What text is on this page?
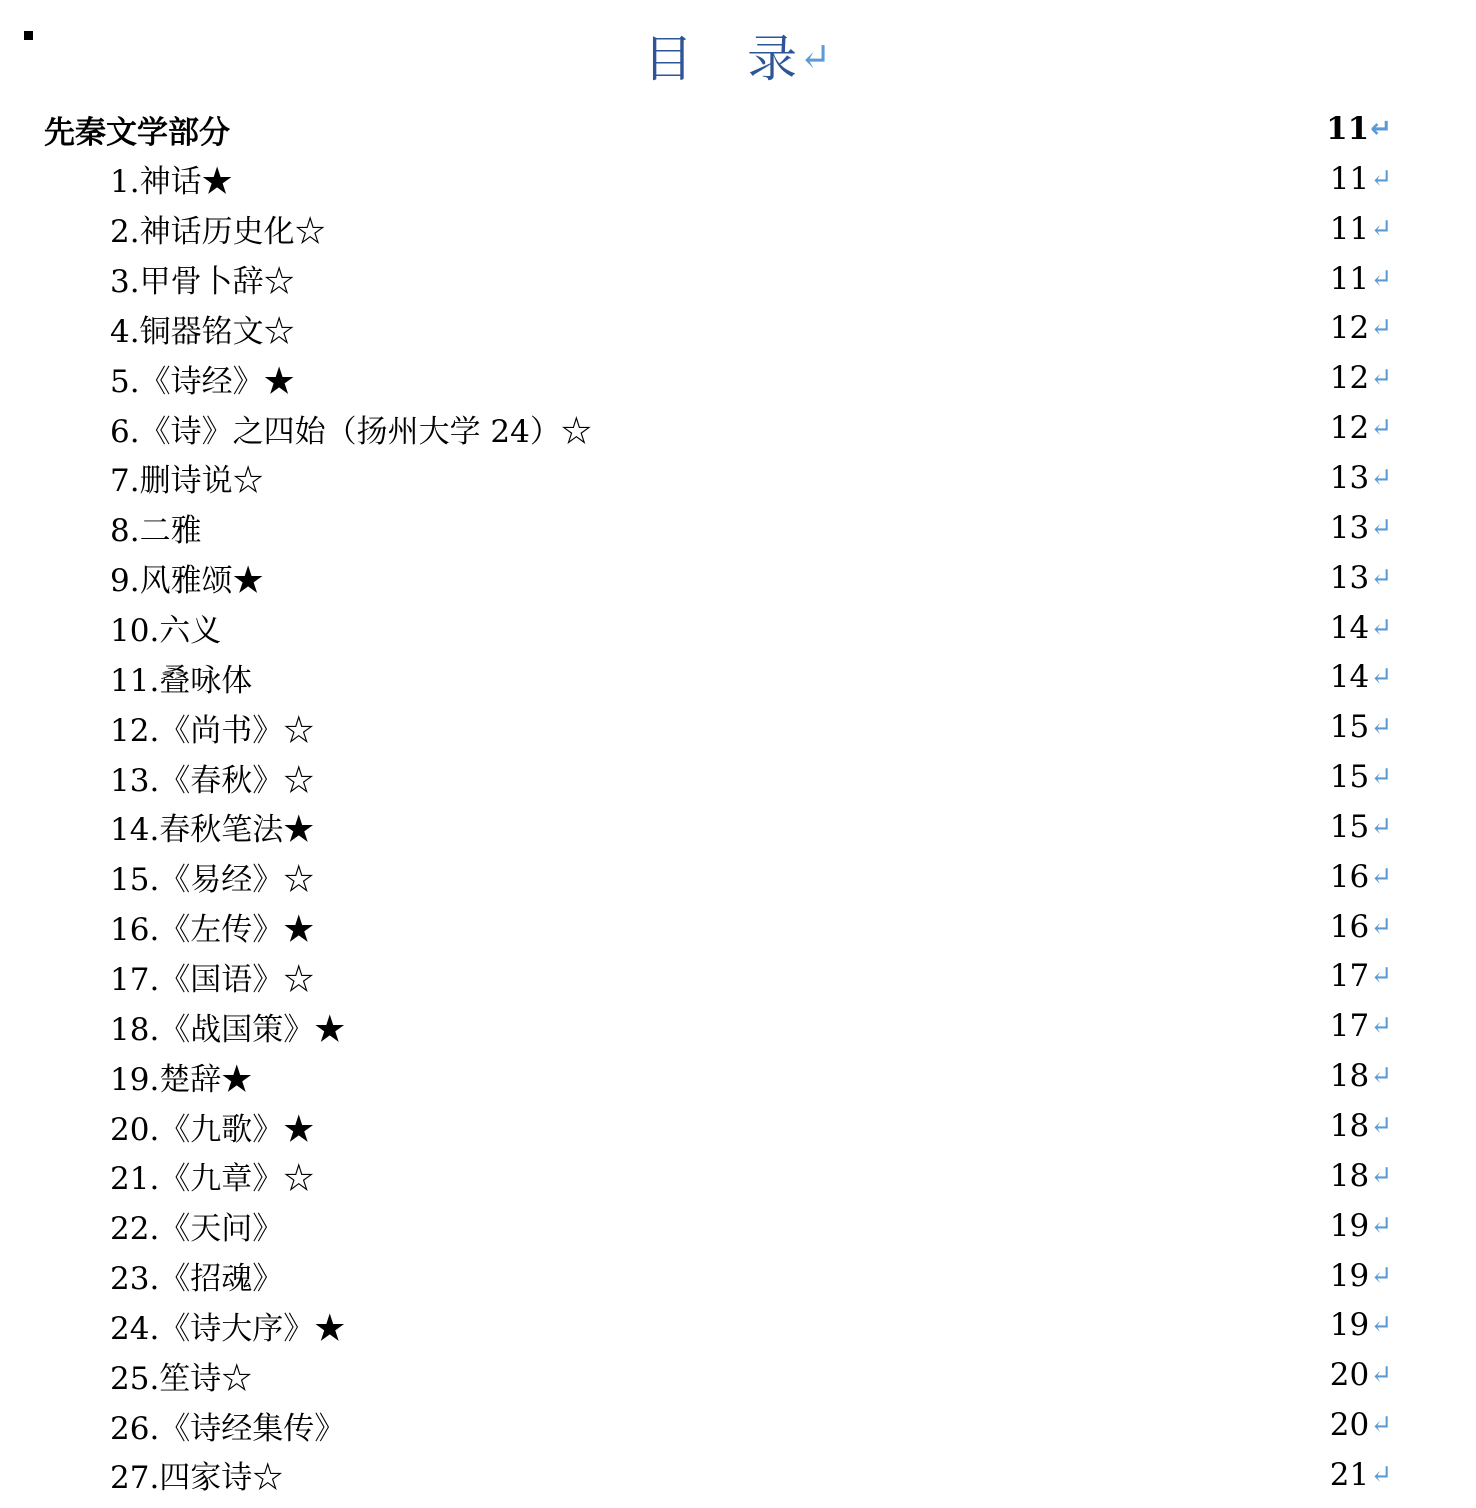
目　录↵
先秦文学部分	11 ↵
1.神话★	11 ↵
2.神话历史化☆	11 ↵
3.甲骨卜辞☆	11 ↵
4.铜器铭文☆	12 ↵
5.《诗经》★	12 ↵
6.《诗》之四始（扬州大学 24）☆	12 ↵
7.删诗说☆	13 ↵
8.二雅	13 ↵
9.风雅颂★	13 ↵
10.六义	14 ↵
11.叠咏体	14 ↵
12.《尚书》☆	15 ↵
13.《春秋》☆	15 ↵
14.春秋笔法★	15 ↵
15.《易经》☆	16 ↵
16.《左传》★	16 ↵
17.《国语》☆	17 ↵
18.《战国策》★	17 ↵
19.楚辞★	18 ↵
20.《九歌》★	18 ↵
21.《九章》☆	18 ↵
22.《天问》	19 ↵
23.《招魂》	19 ↵
24.《诗大序》★	19 ↵
25.笙诗☆	20 ↵
26.《诗经集传》	20 ↵
27.四家诗☆	21 ↵
